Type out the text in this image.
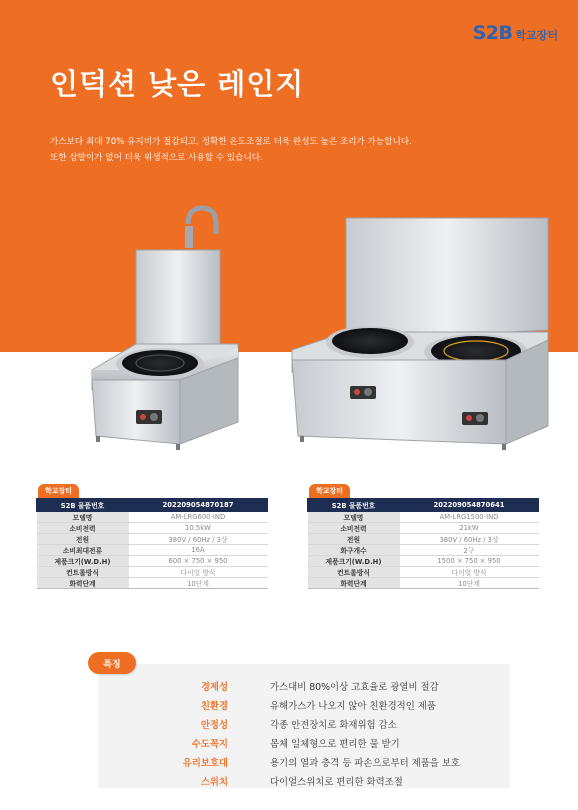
S2B 학교장터
인덕션 낮은 레인지
가스보다 최대 70% 유지비가 절감되고, 정확한 온도조절로 더욱 완성도 높은 조리가 가능합니다.
또한 삼발이가 없어 더욱 위생적으로 사용할 수 있습니다.
학교장터
S2B 물품번호	202209054870187
모델명	AM-LRG600-IND
소비전력	10.5kW
전원	380V / 60Hz / 3상
소비최대전류	16A
제품크기(W.D.H)	600 × 750 × 950
컨트롤방식	다이얼 방식
화력단계	10단계
학교장터
S2B 물품번호	202209054870641
모델명	AM-LRG1500-IND
소비전력	21kW
전원	380V / 60Hz / 3상
화구개수	2구
제품크기(W.D.H)	1500 × 750 × 950
컨트롤방식	다이얼 방식
화력단계	10단계
특징
경제성	가스대비 80%이상 고효율로 광열비 절감
친환경	유해가스가 나오지 않아 친환경적인 제품
안정성	각종 안전장치로 화재위험 감소
수도꼭지	몸체 일체형으로 편리한 물 받기
유리보호대	용기의 열과 충격 등 파손으로부터 제품을 보호
스위치	다이얼스위치로 편리한 화력조절
